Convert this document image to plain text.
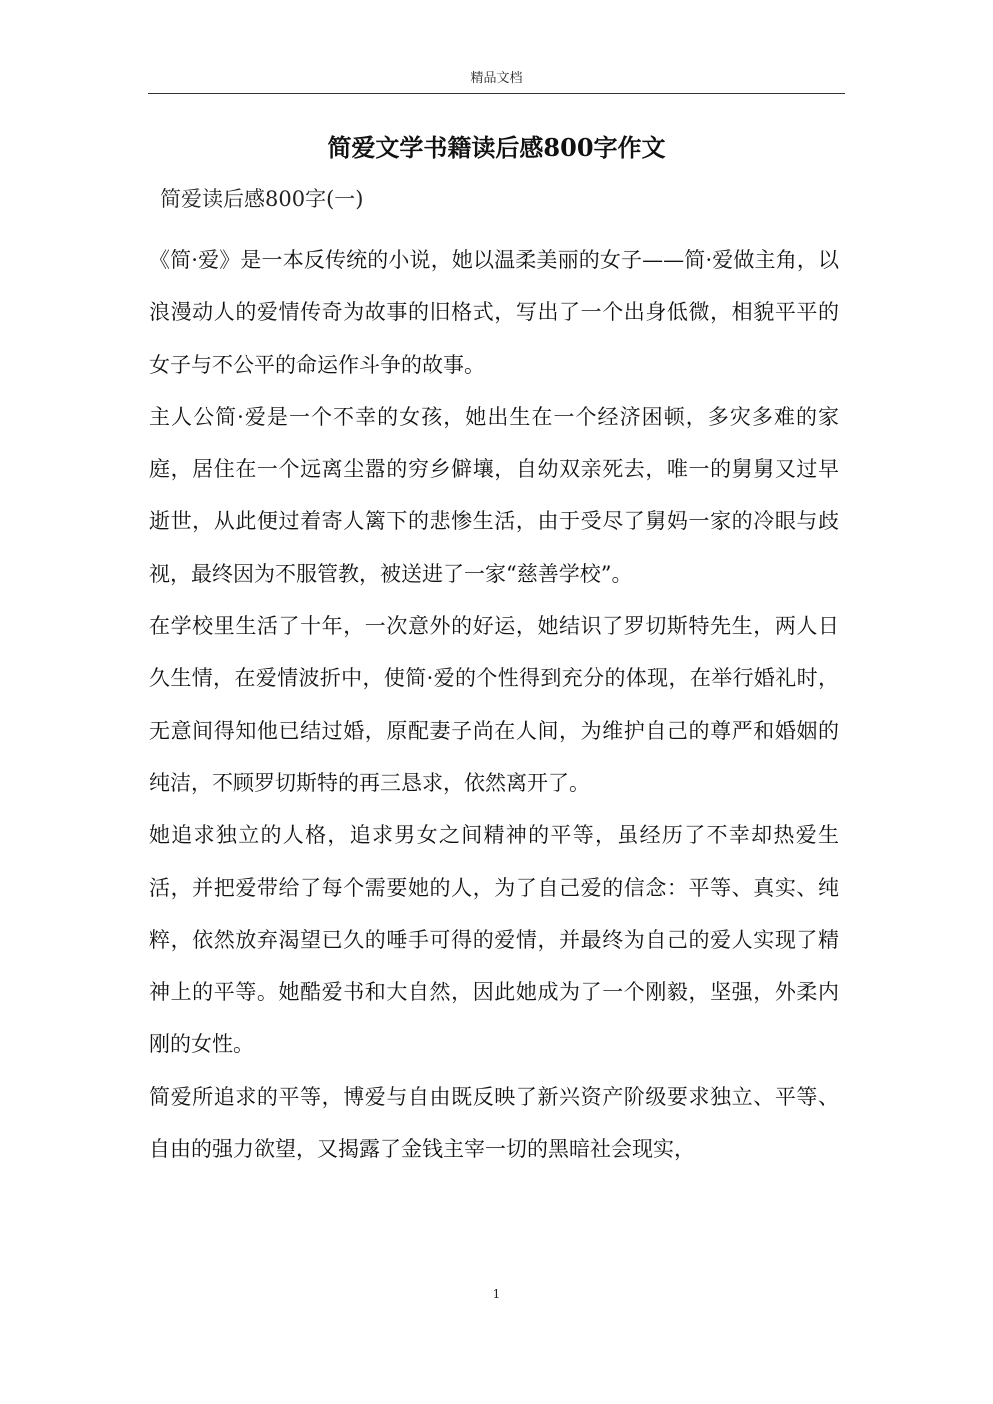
精品文档
简爱文学书籍读后感800字作文
简爱读后感800字(一)

《简·爱》是一本反传统的小说，她以温柔美丽的女子——简·爱做主角，以浪漫动人的爱情传奇为故事的旧格式，写出了一个出身低微，相貌平平的女子与不公平的命运作斗争的故事。

主人公简·爱是一个不幸的女孩，她出生在一个经济困顿，多灾多难的家庭，居住在一个远离尘嚣的穷乡僻壤，自幼双亲死去，唯一的舅舅又过早逝世，从此便过着寄人篱下的悲惨生活，由于受尽了舅妈一家的冷眼与歧视，最终因为不服管教，被送进了一家“慈善学校”。

在学校里生活了十年，一次意外的好运，她结识了罗切斯特先生，两人日久生情，在爱情波折中，使简·爱的个性得到充分的体现，在举行婚礼时，无意间得知他已结过婚，原配妻子尚在人间，为维护自己的尊严和婚姻的纯洁，不顾罗切斯特的再三恳求，依然离开了。

她追求独立的人格，追求男女之间精神的平等，虽经历了不幸却热爱生活，并把爱带给了每个需要她的人，为了自己爱的信念：平等、真实、纯粹，依然放弃渴望已久的唾手可得的爱情，并最终为自己的爱人实现了精神上的平等。她酷爱书和大自然，因此她成为了一个刚毅，坚强，外柔内刚的女性。

简爱所追求的平等，博爱与自由既反映了新兴资产阶级要求独立、平等、自由的强力欲望，又揭露了金钱主宰一切的黑暗社会现实，

1
